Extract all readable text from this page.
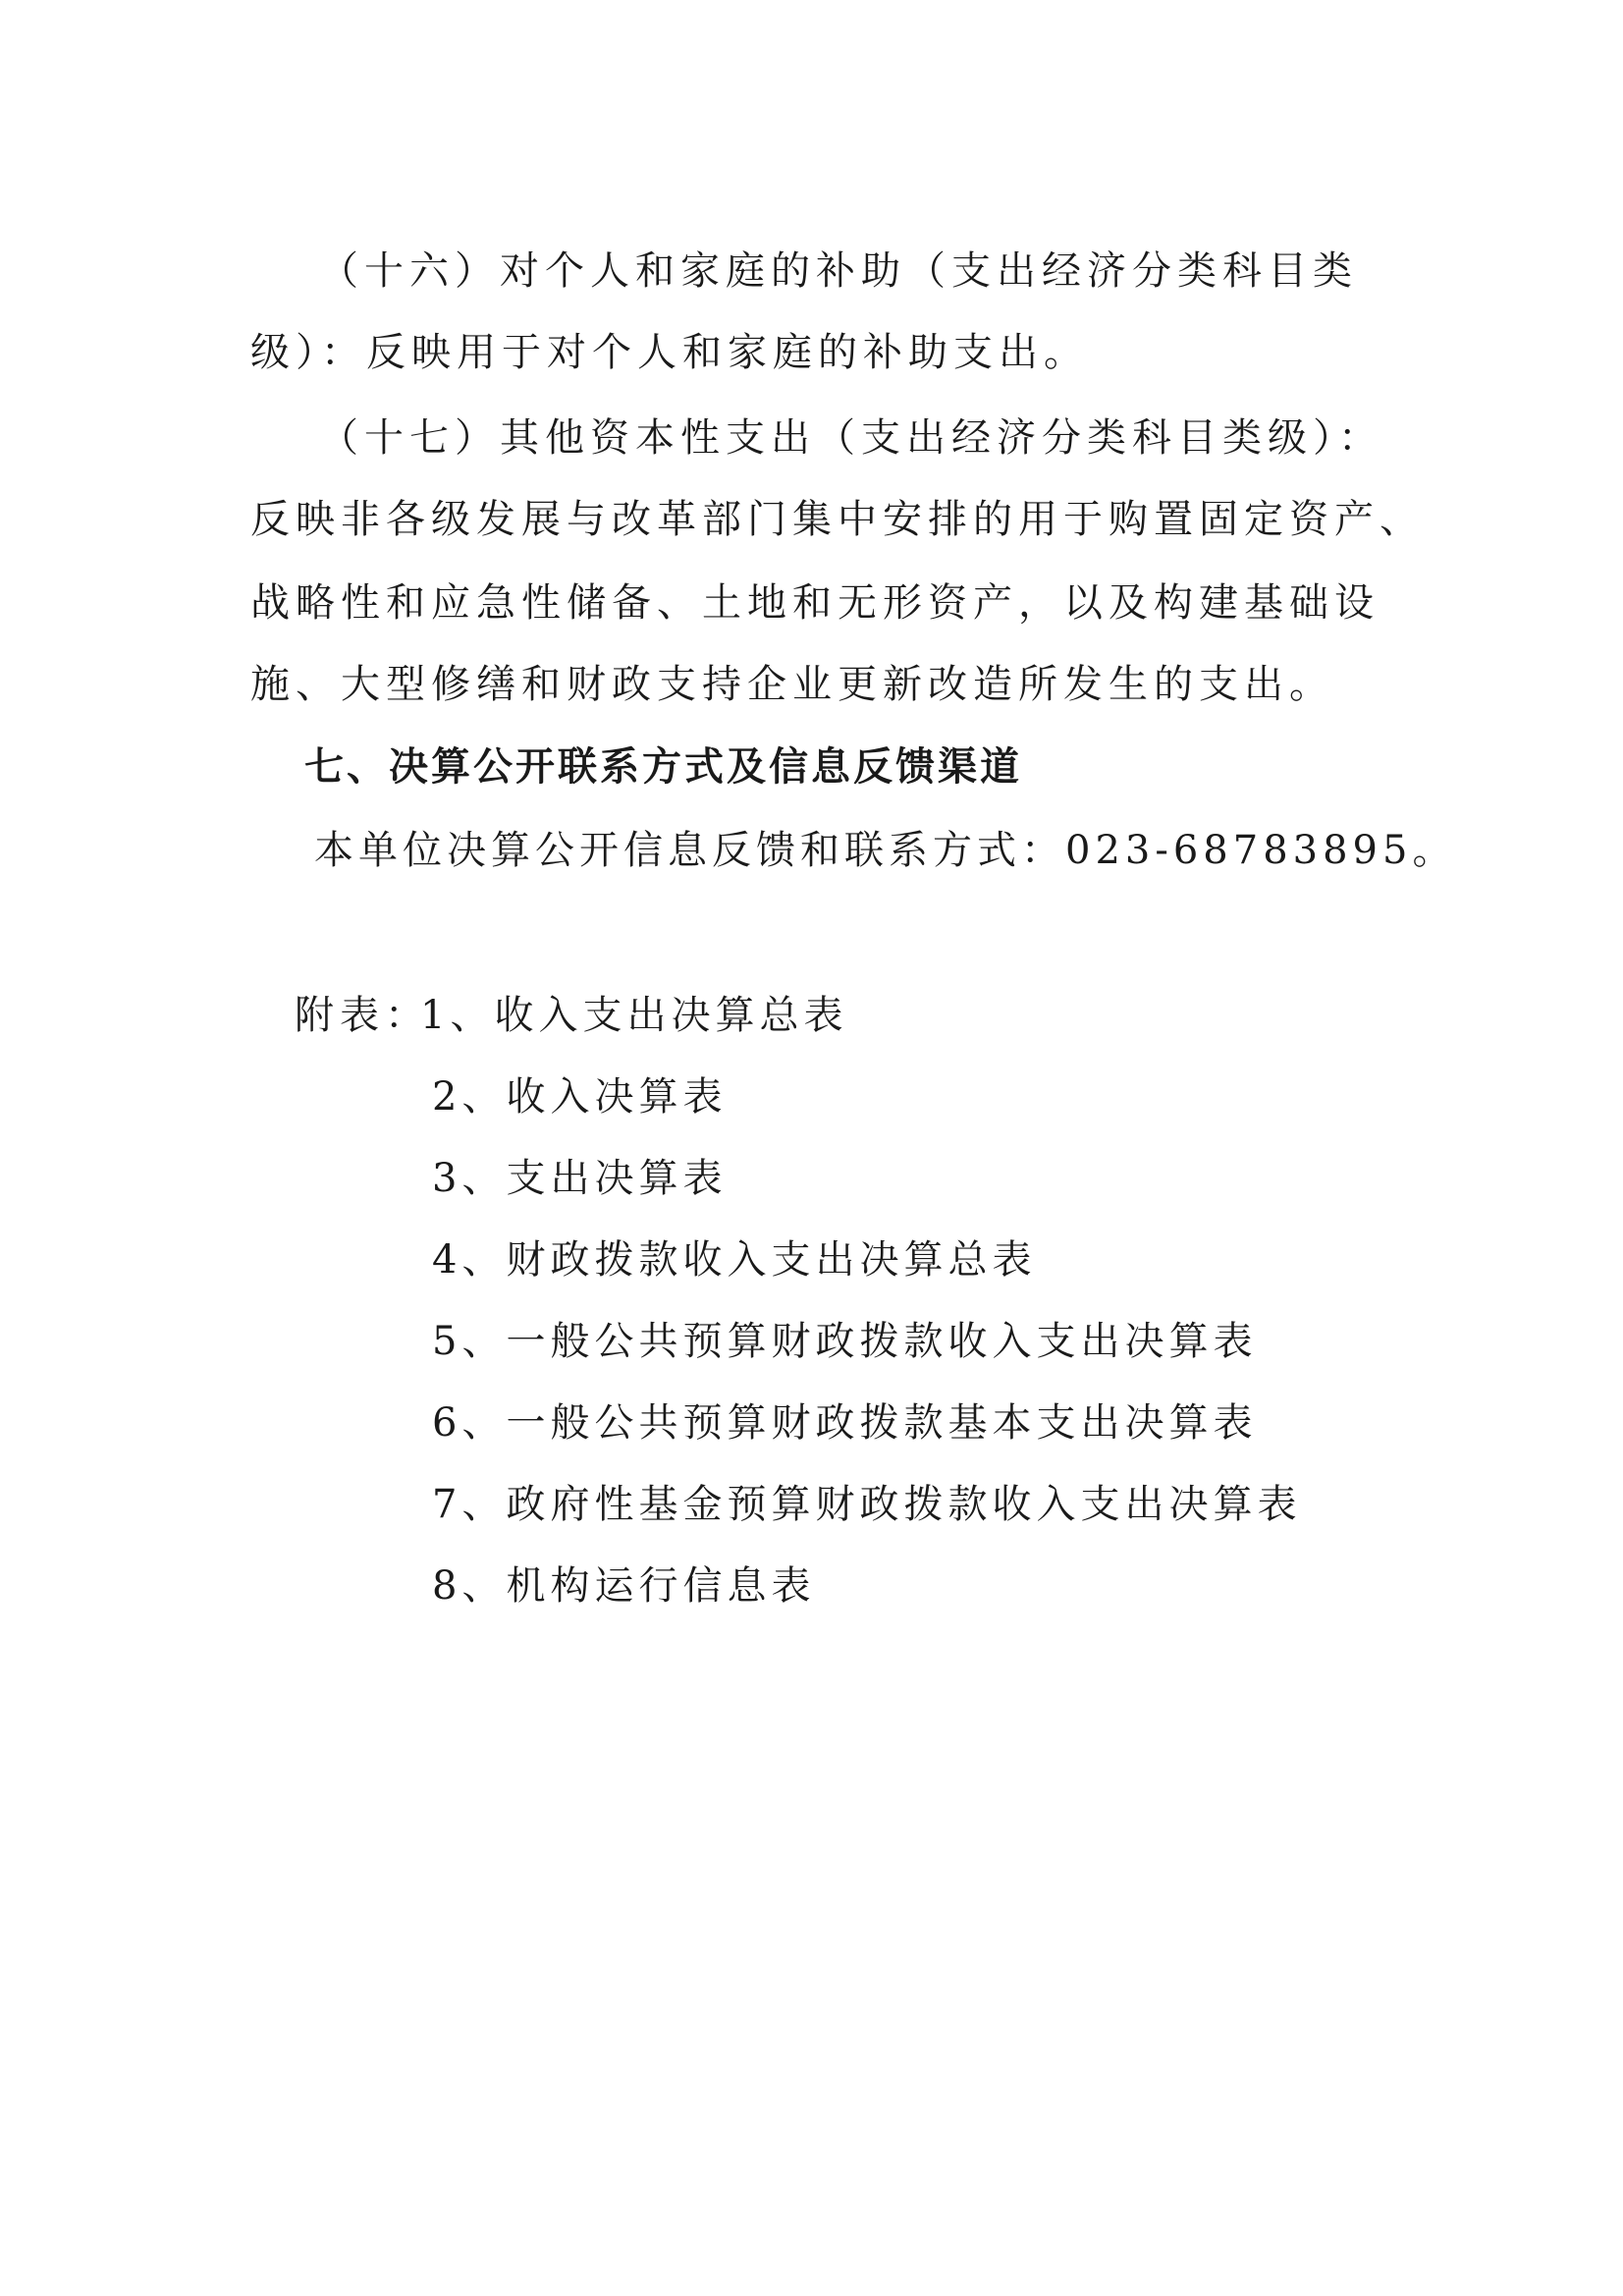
（十六）对个人和家庭的补助（支出经济分类科目类
级）：反映用于对个人和家庭的补助支出。
（十七）其他资本性支出（支出经济分类科目类级）：
反映非各级发展与改革部门集中安排的用于购置固定资产、
战略性和应急性储备、土地和无形资产，以及构建基础设
施、大型修缮和财政支持企业更新改造所发生的支出。
七、决算公开联系方式及信息反馈渠道
本单位决算公开信息反馈和联系方式：023-68783895。
附表：
1、收入支出决算总表
2、收入决算表
3、支出决算表
4、财政拨款收入支出决算总表
5、一般公共预算财政拨款收入支出决算表
6、一般公共预算财政拨款基本支出决算表
7、政府性基金预算财政拨款收入支出决算表
8、机构运行信息表
